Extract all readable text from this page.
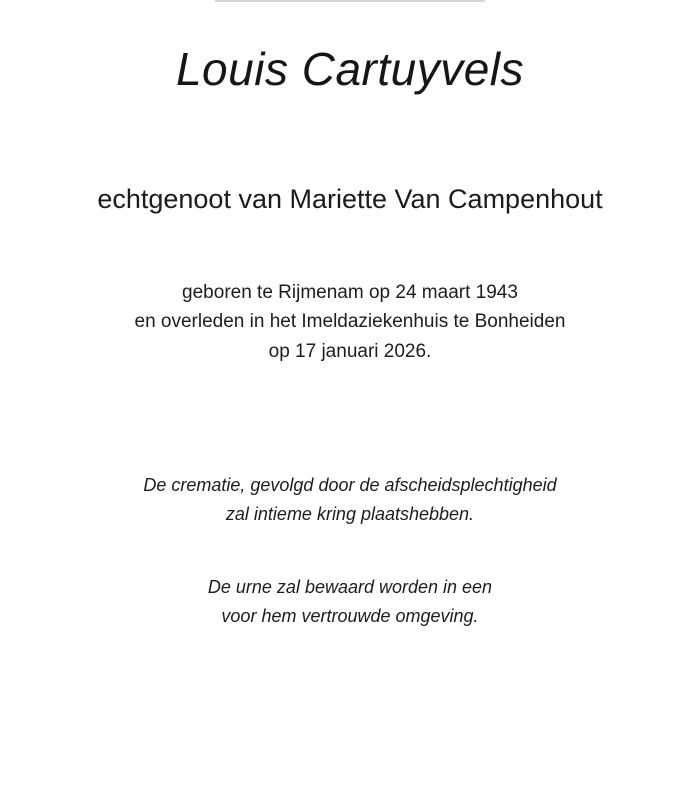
Louis Cartuyvels
echtgenoot van Mariette Van Campenhout
geboren te Rijmenam op 24 maart 1943
en overleden in het Imeldaziekenhuis te Bonheiden
op 17 januari 2026.
De crematie, gevolgd door de afscheidsplechtigheid
zal intieme kring plaatshebben.
De urne zal bewaard worden in een
voor hem vertrouwde omgeving.
